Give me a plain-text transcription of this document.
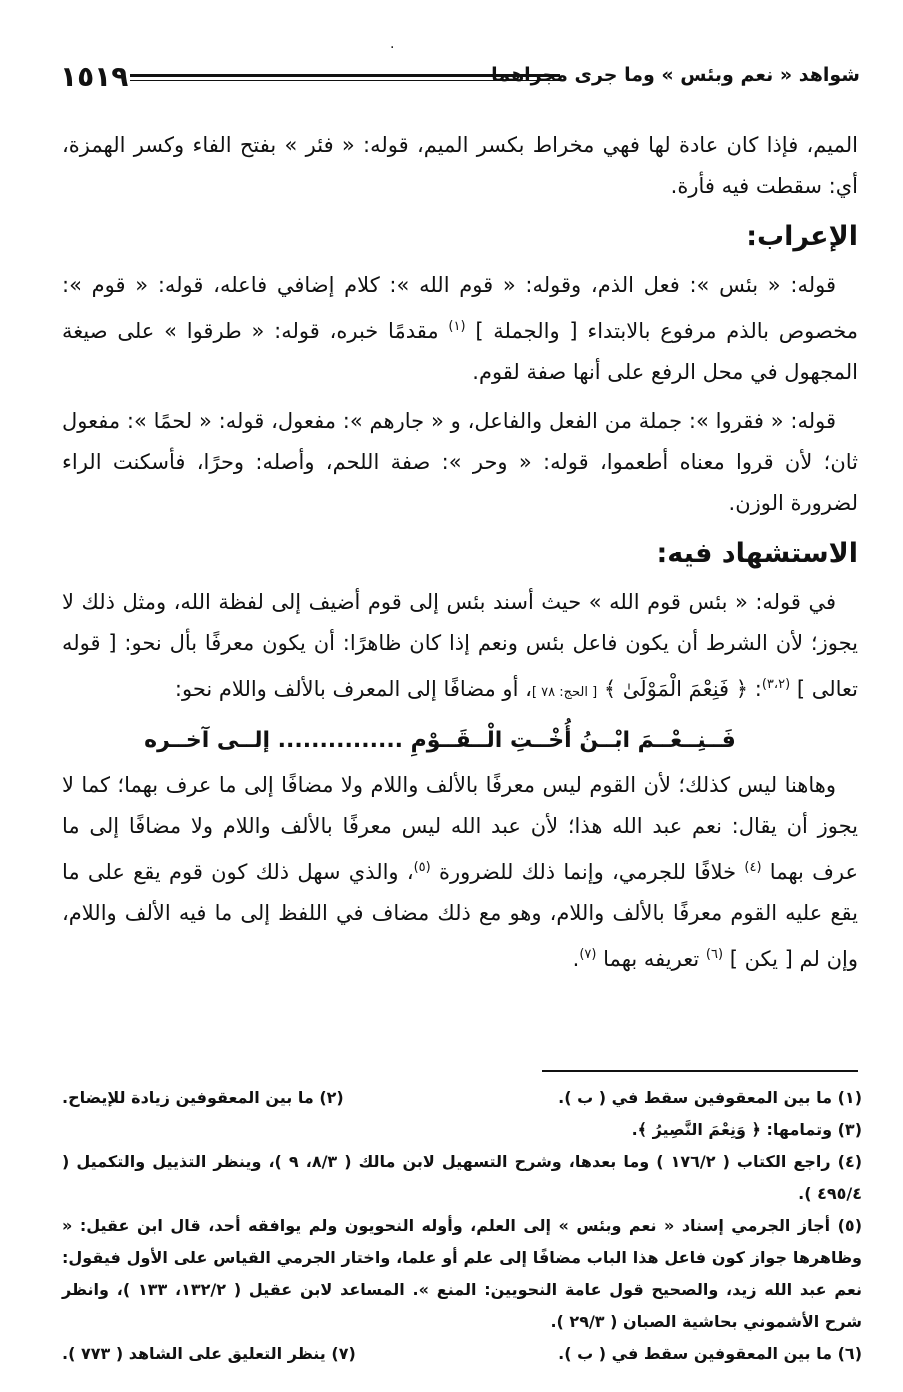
·
١٥١٩	شواهد « نعم وبئس » وما جرى مجراهما

الميم، فإذا كان عادة لها فهي مخراط بكسر الميم، قوله: « فئر » بفتح الفاء وكسر الهمزة، أي: سقطت فيه فأرة.

الإعراب:

قوله: « بئس »: فعل الذم، وقوله: « قوم الله »: كلام إضافي فاعله، قوله: « قوم »: مخصوص بالذم مرفوع بالابتداء [ والجملة ] $^{(١)}$ مقدمًا خبره، قوله: « طرقوا » على صيغة المجهول في محل الرفع على أنها صفة لقوم.

قوله: « فقروا »: جملة من الفعل والفاعل، و « جارهم »: مفعول، قوله: « لحمًا »: مفعول ثان؛ لأن قروا معناه أطعموا، قوله: « وحر »: صفة اللحم، وأصله: وحرًا، فأسكنت الراء لضرورة الوزن.

الاستشهاد فيه:

في قوله: « بئس قوم الله » حيث أسند بئس إلى قوم أضيف إلى لفظة الله، ومثل ذلك لا يجوز؛ لأن الشرط أن يكون فاعل بئس ونعم إذا كان ظاهرًا: أن يكون معرفًا بأل نحو: [ قوله تعالى ] $^{(٣،٢)}$: ﴿ فَنِعْمَ الْمَوْلَىٰ ﴾ [ الحج: ٧٨ ]، أو مضافًا إلى المعرف بالألف واللام نحو:

فَــنِــعْــمَ ابْــنُ أُخْــتِ الْــقَــوْمِ ............... إلــى آخــره

وهاهنا ليس كذلك؛ لأن القوم ليس معرفًا بالألف واللام ولا مضافًا إلى ما عرف بهما؛ كما لا يجوز أن يقال: نعم عبد الله هذا؛ لأن عبد الله ليس معرفًا بالألف واللام ولا مضافًا إلى ما عرف بهما $^{(٤)}$ خلافًا للجرمي، وإنما ذلك للضرورة $^{(٥)}$، والذي سهل ذلك كون قوم يقع على ما يقع عليه القوم معرفًا بالألف واللام، وهو مع ذلك مضاف في اللفظ إلى ما فيه الألف واللام، وإن لم [ يكن ] $^{(٦)}$ تعريفه بهما $^{(٧)}$.

(١) ما بين المعقوفين سقط في ( ب ).
(٢) ما بين المعقوفين زيادة للإيضاح.

(٣) وتمامها: ﴿ وَنِعْمَ النَّصِيرُ ﴾.

(٤) راجع الكتاب ( ١٧٦/٢ ) وما بعدها، وشرح التسهيل لابن مالك ( ٨/٣، ٩ )، وينظر التذييل والتكميل ( ٤٩٥/٤ ).

(٥) أجاز الجرمي إسناد « نعم وبئس » إلى العلم، وأوله النحويون ولم يوافقه أحد، قال ابن عقيل: « وظاهرها جواز كون فاعل هذا الباب مضافًا إلى علم أو علما، واختار الجرمي القياس على الأول فيقول: نعم عبد الله زيد، والصحيح قول عامة النحويين: المنع ». المساعد لابن عقيل ( ١٣٢/٢، ١٣٣ )، وانظر شرح الأشموني بحاشية الصبان ( ٢٩/٣ ).

(٦) ما بين المعقوفين سقط في ( ب ).
(٧) ينظر التعليق على الشاهد ( ٧٧٣ ).
